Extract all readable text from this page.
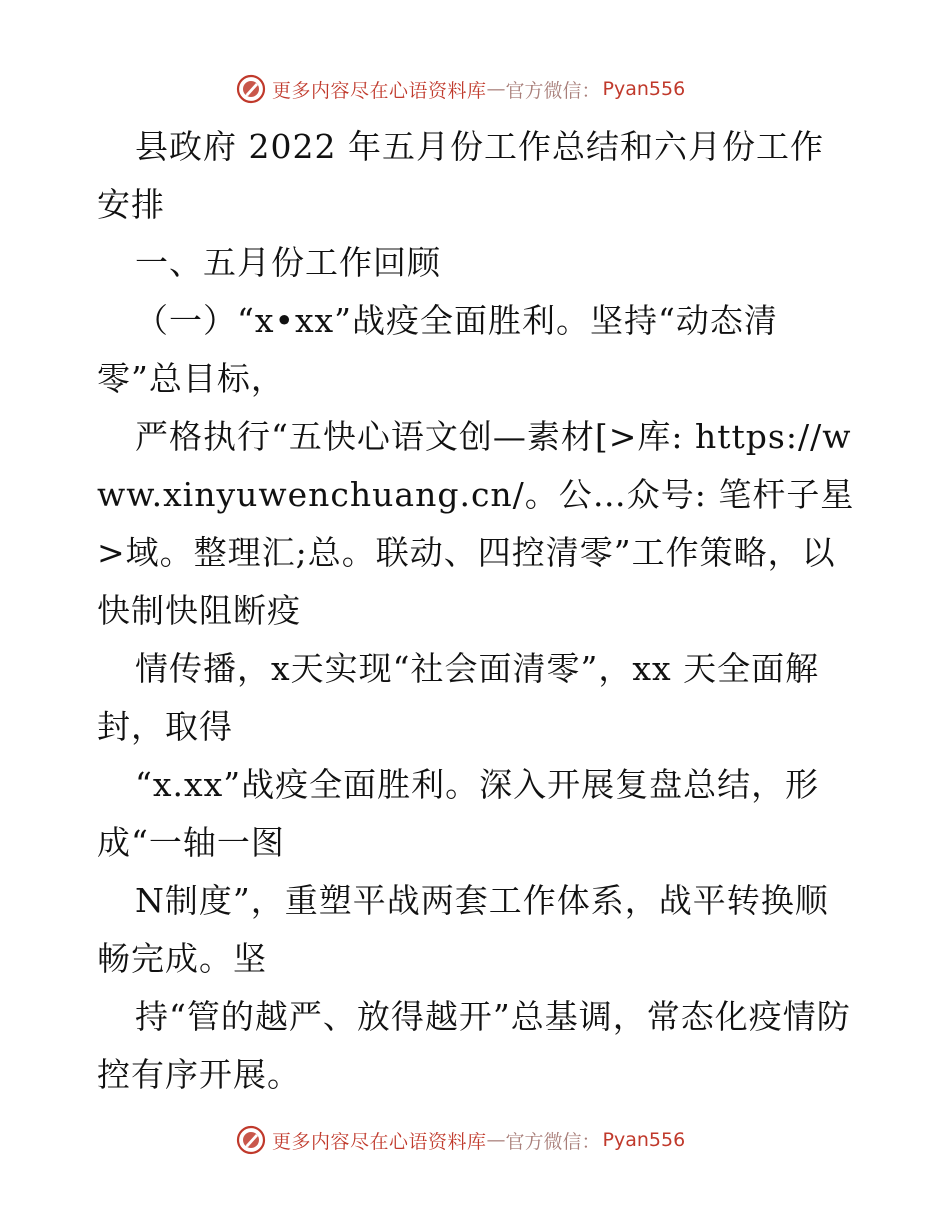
更多内容尽在心语资料库 — 官方微信： Pyan556

县政府 2022 年五月份工作总结和六月份工作安排

一、五月份工作回顾

（一）“x•xx”战疫全面胜利。坚持“动态清零”总目标，

严格执行“五快心语文创—素材[>库: https://www.xinyuwenchuang.cn/。公…众号: 笔杆子星>域。整理汇;总。联动、四控清零”工作策略，以快制快阻断疫

情传播，x天实现“社会面清零”，xx 天全面解封，取得

“x.xx”战疫全面胜利。深入开展复盘总结，形成“一轴一图

N制度”，重塑平战两套工作体系，战平转换顺畅完成。坚

持“管的越严、放得越开”总基调，常态化疫情防控有序开展。

更多内容尽在心语资料库 — 官方微信： Pyan556
